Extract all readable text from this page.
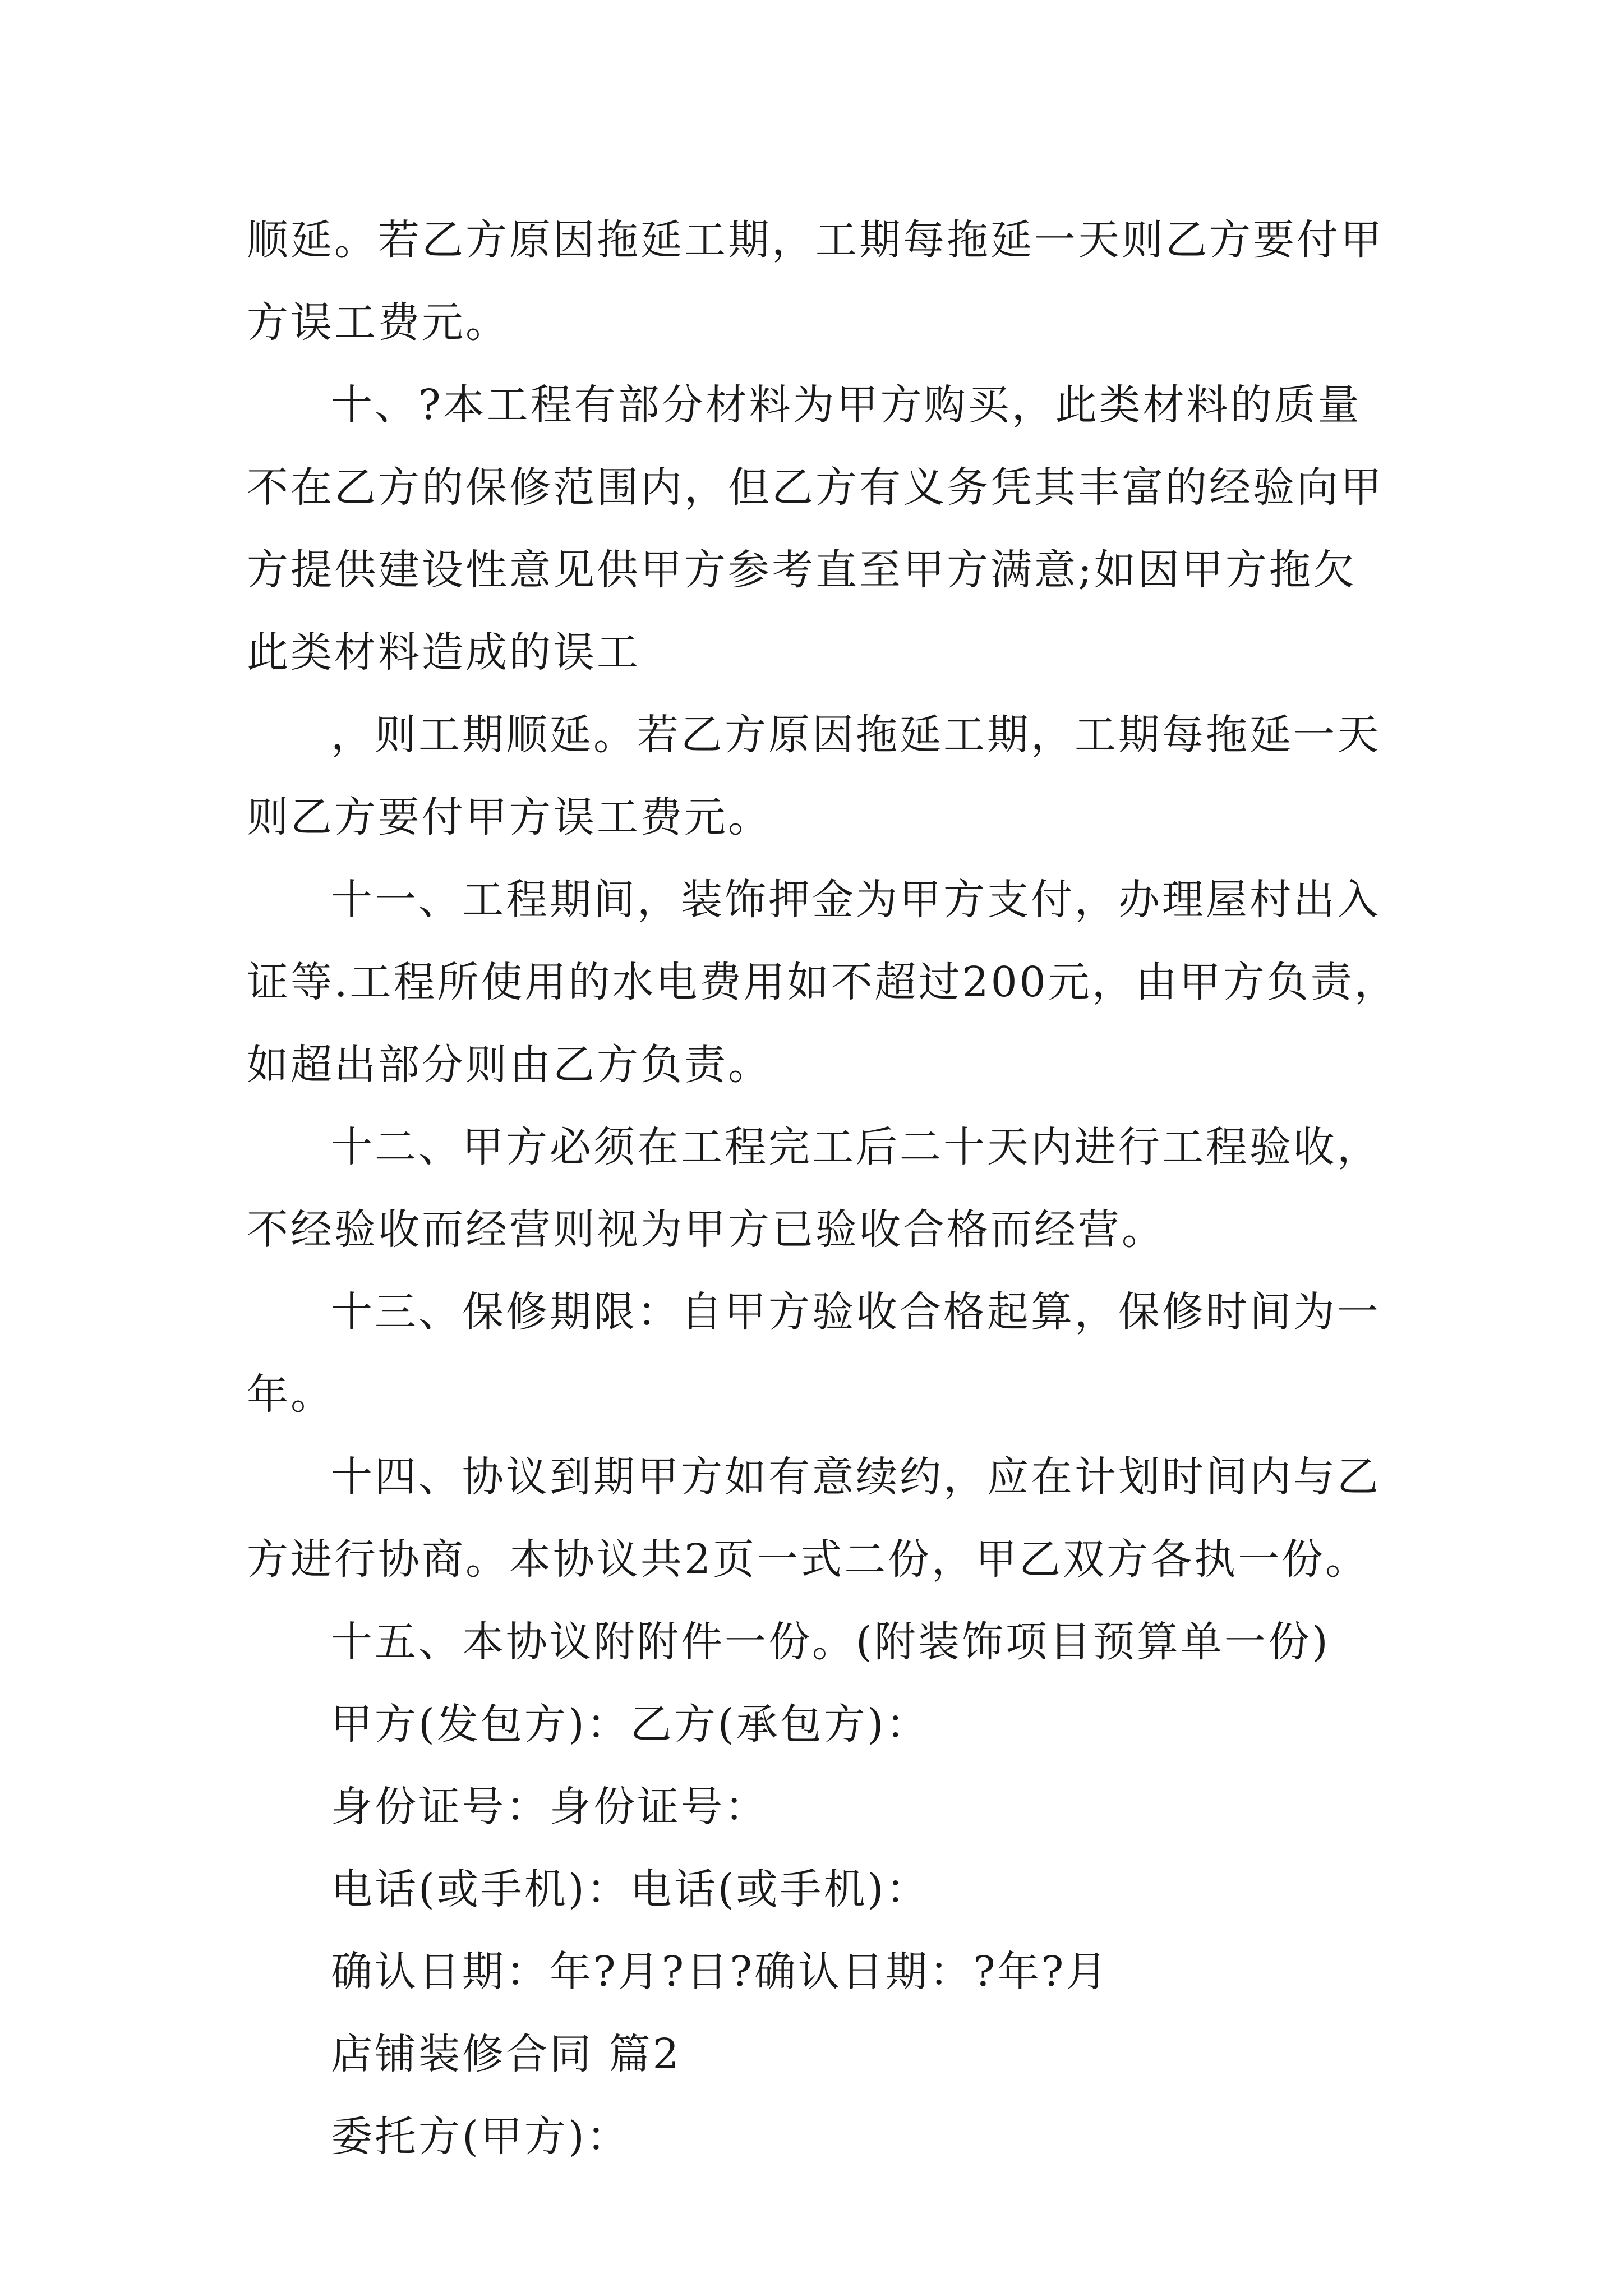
顺延。若乙方原因拖延工期，工期每拖延一天则乙方要付甲
方误工费元。
十、?本工程有部分材料为甲方购买，此类材料的质量
不在乙方的保修范围内，但乙方有义务凭其丰富的经验向甲
方提供建设性意见供甲方参考直至甲方满意;如因甲方拖欠
此类材料造成的误工
，则工期顺延。若乙方原因拖延工期，工期每拖延一天
则乙方要付甲方误工费元。
十一、工程期间，装饰押金为甲方支付，办理屋村出入
证等.工程所使用的水电费用如不超过200元，由甲方负责，
如超出部分则由乙方负责。
十二、甲方必须在工程完工后二十天内进行工程验收，
不经验收而经营则视为甲方已验收合格而经营。
十三、保修期限：自甲方验收合格起算，保修时间为一
年。
十四、协议到期甲方如有意续约，应在计划时间内与乙
方进行协商。本协议共2页一式二份，甲乙双方各执一份。
十五、本协议附附件一份。(附装饰项目预算单一份)
甲方(发包方)：乙方(承包方)：
身份证号：身份证号：
电话(或手机)：电话(或手机)：
确认日期：年?月?日?确认日期：?年?月
店铺装修合同 篇2
委托方(甲方)：
